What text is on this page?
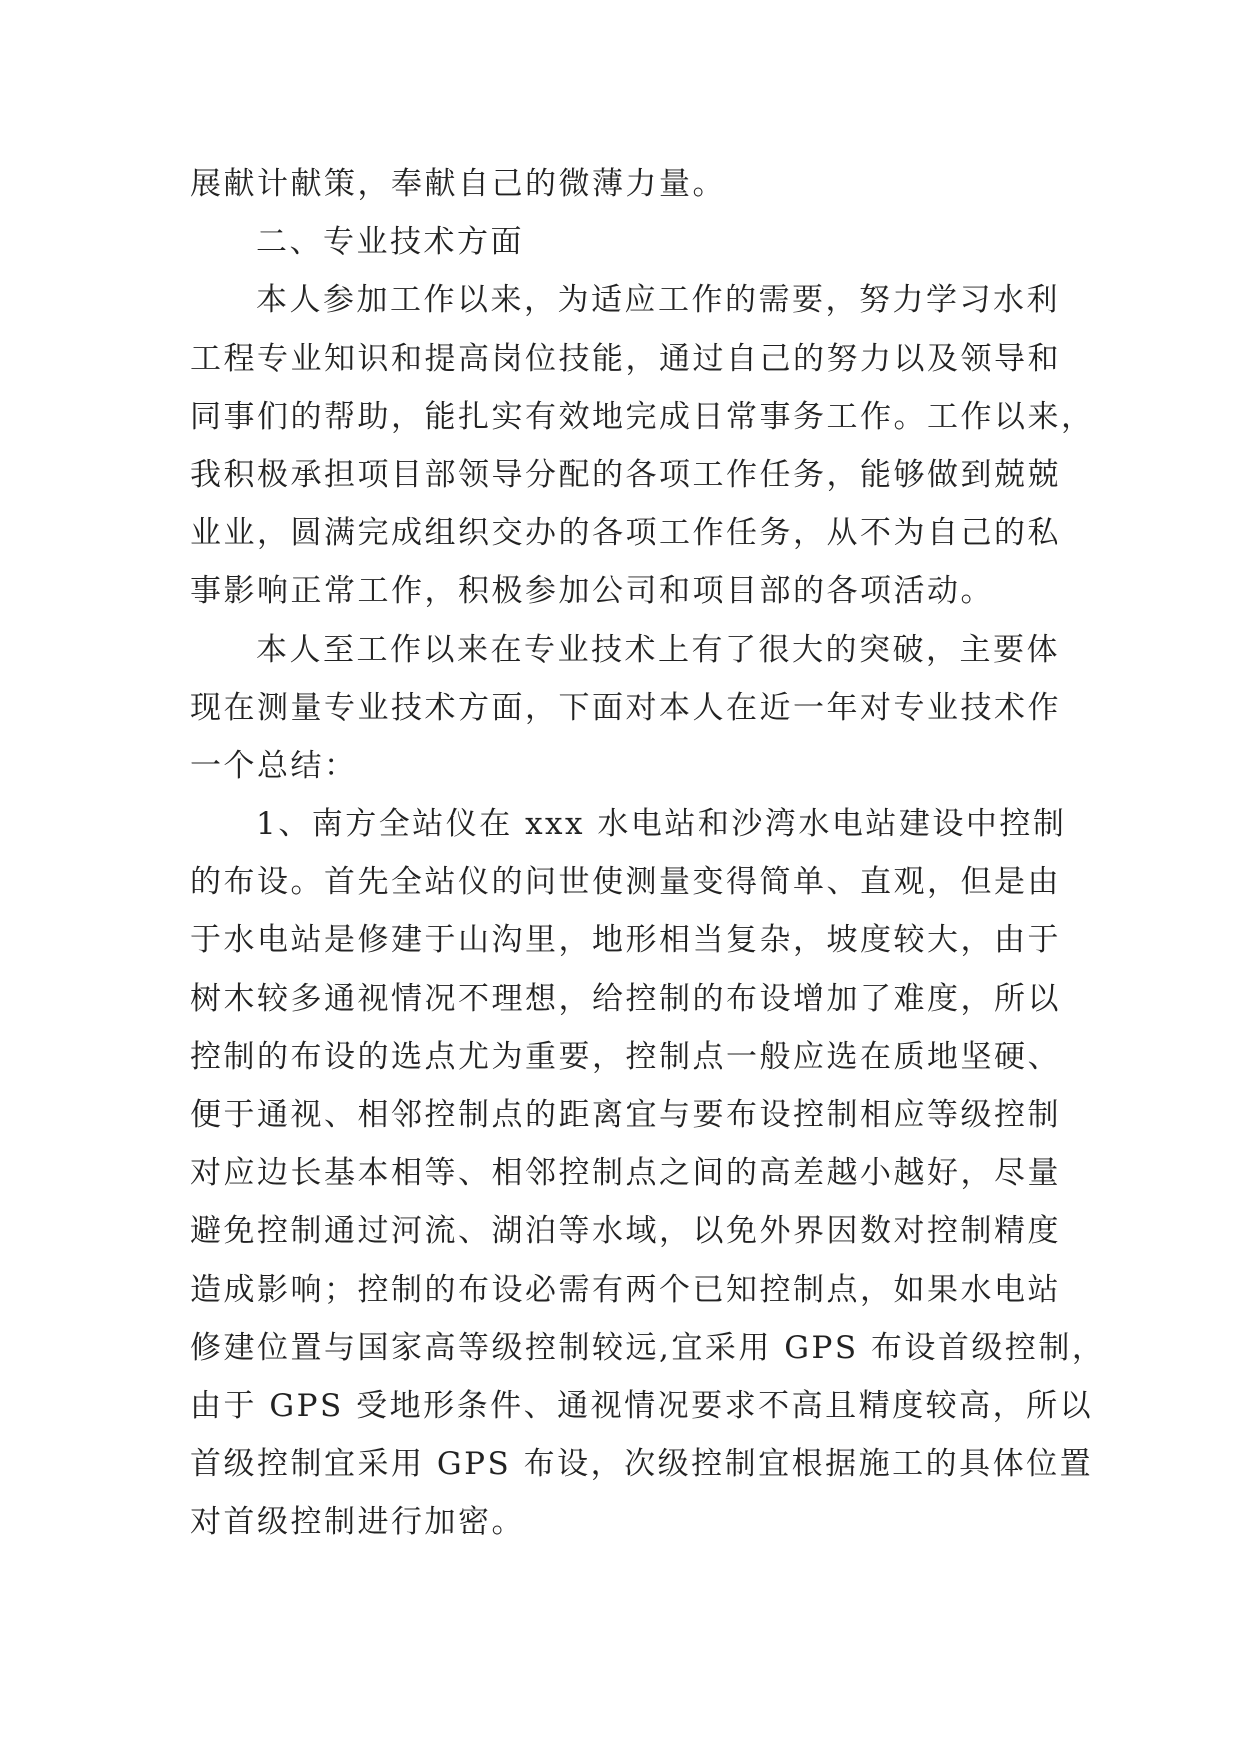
展献计献策，奉献自己的微薄力量。
二、专业技术方面
本人参加工作以来，为适应工作的需要，努力学习水利
工程专业知识和提高岗位技能，通过自己的努力以及领导和
同事们的帮助，能扎实有效地完成日常事务工作。工作以来，
我积极承担项目部领导分配的各项工作任务，能够做到兢兢
业业，圆满完成组织交办的各项工作任务，从不为自己的私
事影响正常工作，积极参加公司和项目部的各项活动。
本人至工作以来在专业技术上有了很大的突破，主要体
现在测量专业技术方面，下面对本人在近一年对专业技术作
一个总结：
1、南方全站仪在 xxx 水电站和沙湾水电站建设中控制
的布设。首先全站仪的问世使测量变得简单、直观，但是由
于水电站是修建于山沟里，地形相当复杂，坡度较大，由于
树木较多通视情况不理想，给控制的布设增加了难度，所以
控制的布设的选点尤为重要，控制点一般应选在质地坚硬、
便于通视、相邻控制点的距离宜与要布设控制相应等级控制
对应边长基本相等、相邻控制点之间的高差越小越好，尽量
避免控制通过河流、湖泊等水域，以免外界因数对控制精度
造成影响；控制的布设必需有两个已知控制点，如果水电站
修建位置与国家高等级控制较远,宜采用 GPS 布设首级控制，
由于 GPS 受地形条件、通视情况要求不高且精度较高，所以
首级控制宜采用 GPS 布设，次级控制宜根据施工的具体位置
对首级控制进行加密。
